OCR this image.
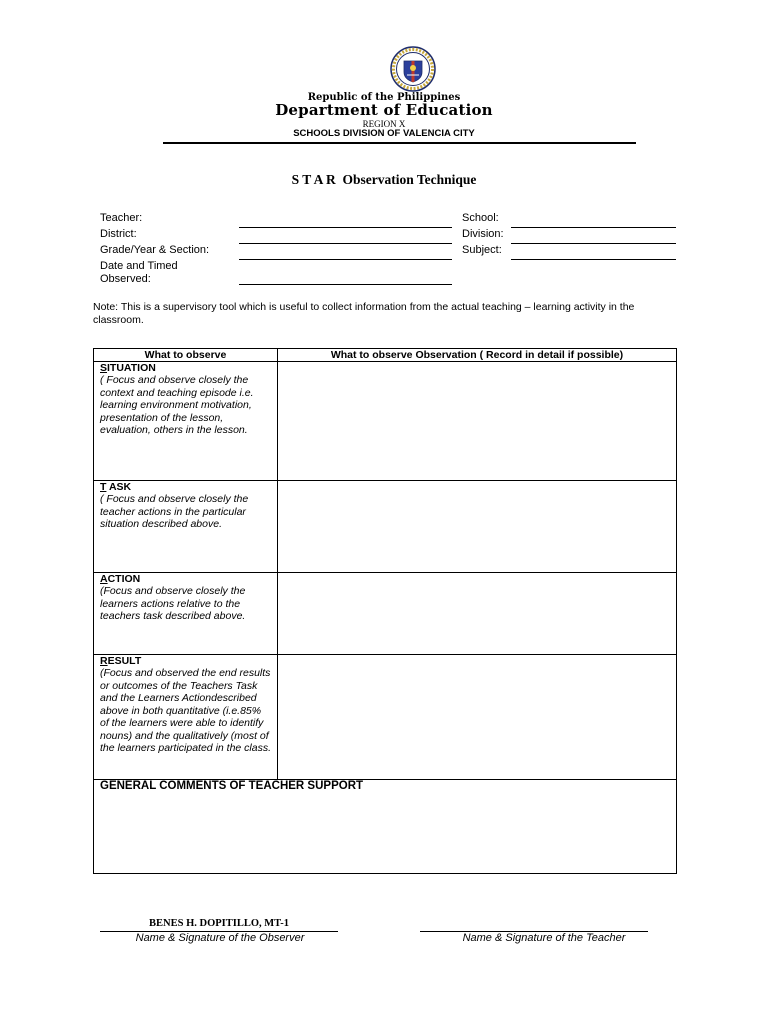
Republic of the Philippines
Department of Education
REGION X
SCHOOLS DIVISION OF VALENCIA CITY
S T A R  Observation Technique
Teacher:
District:
Grade/Year & Section:
Date and Timed
Observed:
School:
Division:
Subject:
Note: This is a supervisory tool which is useful to collect information from the actual teaching – learning activity in the classroom.
What to observe	What to observe Observation ( Record in detail if possible)

SITUATION
( Focus and observe closely the context and teaching episode i.e. learning environment motivation, presentation of the lesson, evaluation, others in the lesson.	

T ASK
( Focus and observe closely the teacher actions in the particular situation described above.	

ACTION
(Focus and observe closely the learners actions relative to the teachers task described above.	

RESULT
(Focus and observed the end results or outcomes of the Teachers Task and the Learners Actiondescribed above in both quantitative (i.e.85% of the learners were able to identify nouns) and the qualitatively (most of the learners participated in the class.	

GENERAL COMMENTS OF TEACHER SUPPORT	
BENES H. DOPITILLO, MT-1
Name & Signature of the Observer	Name & Signature of the Teacher
